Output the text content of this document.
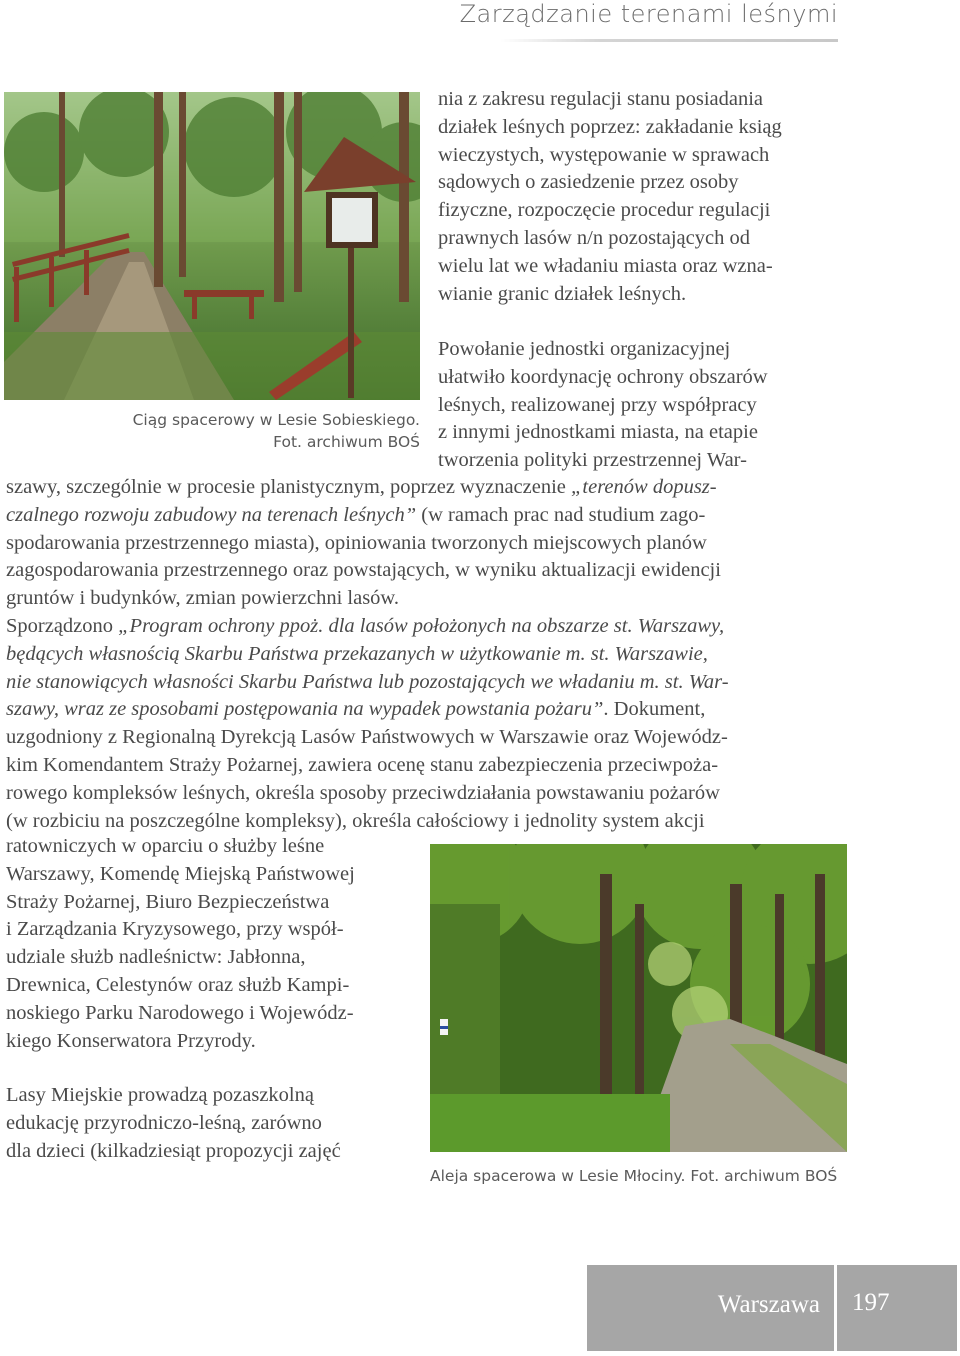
Zarządzanie terenami leśnymi
Ciąg spacerowy w Lesie Sobieskiego.
Fot. archiwum BOŚ
nia z zakresu regulacji stanu posiadania
działek leśnych poprzez: zakładanie ksiąg
wieczystych, występowanie w sprawach
sądowych o zasiedzenie przez osoby
fizyczne, rozpoczęcie procedur regulacji
prawnych lasów n/n pozostających od
wielu lat we władaniu miasta oraz wzna-
wianie granic działek leśnych.
Powołanie jednostki organizacyjnej
ułatwiło koordynację ochrony obszarów
leśnych, realizowanej przy współpracy
z innymi jednostkami miasta, na etapie
tworzenia polityki przestrzennej War-
szawy, szczególnie w procesie planistycznym, poprzez wyznaczenie „terenów dopusz-
czalnego rozwoju zabudowy na terenach leśnych” (w ramach prac nad studium zago-
spodarowania przestrzennego miasta), opiniowania tworzonych miejscowych planów
zagospodarowania przestrzennego oraz powstających, w wyniku aktualizacji ewidencji
gruntów i budynków, zmian powierzchni lasów.
Sporządzono „Program ochrony ppoż. dla lasów położonych na obszarze st. Warszawy,
będących własnością Skarbu Państwa przekazanych w użytkowanie m. st. Warszawie,
nie stanowiących własności Skarbu Państwa lub pozostających we władaniu m. st. War-
szawy, wraz ze sposobami postępowania na wypadek powstania pożaru”. Dokument,
uzgodniony z Regionalną Dyrekcją Lasów Państwowych w Warszawie oraz Wojewódz-
kim Komendantem Straży Pożarnej, zawiera ocenę stanu zabezpieczenia przeciwpoża-
rowego kompleksów leśnych, określa sposoby przeciwdziałania powstawaniu pożarów
(w rozbiciu na poszczególne kompleksy), określa całościowy i jednolity system akcji
ratowniczych w oparciu o służby leśne
Warszawy, Komendę Miejską Państwowej
Straży Pożarnej, Biuro Bezpieczeństwa
i Zarządzania Kryzysowego, przy współ-
udziale służb nadleśnictw: Jabłonna,
Drewnica, Celestynów oraz służb Kampi-
noskiego Parku Narodowego i Wojewódz-
kiego Konserwatora Przyrody.
Lasy Miejskie prowadzą pozaszkolną
edukację przyrodniczo-leśną, zarówno
dla dzieci (kilkadziesiąt propozycji zajęć
Aleja spacerowa w Lesie Młociny. Fot. archiwum BOŚ
Warszawa 197
